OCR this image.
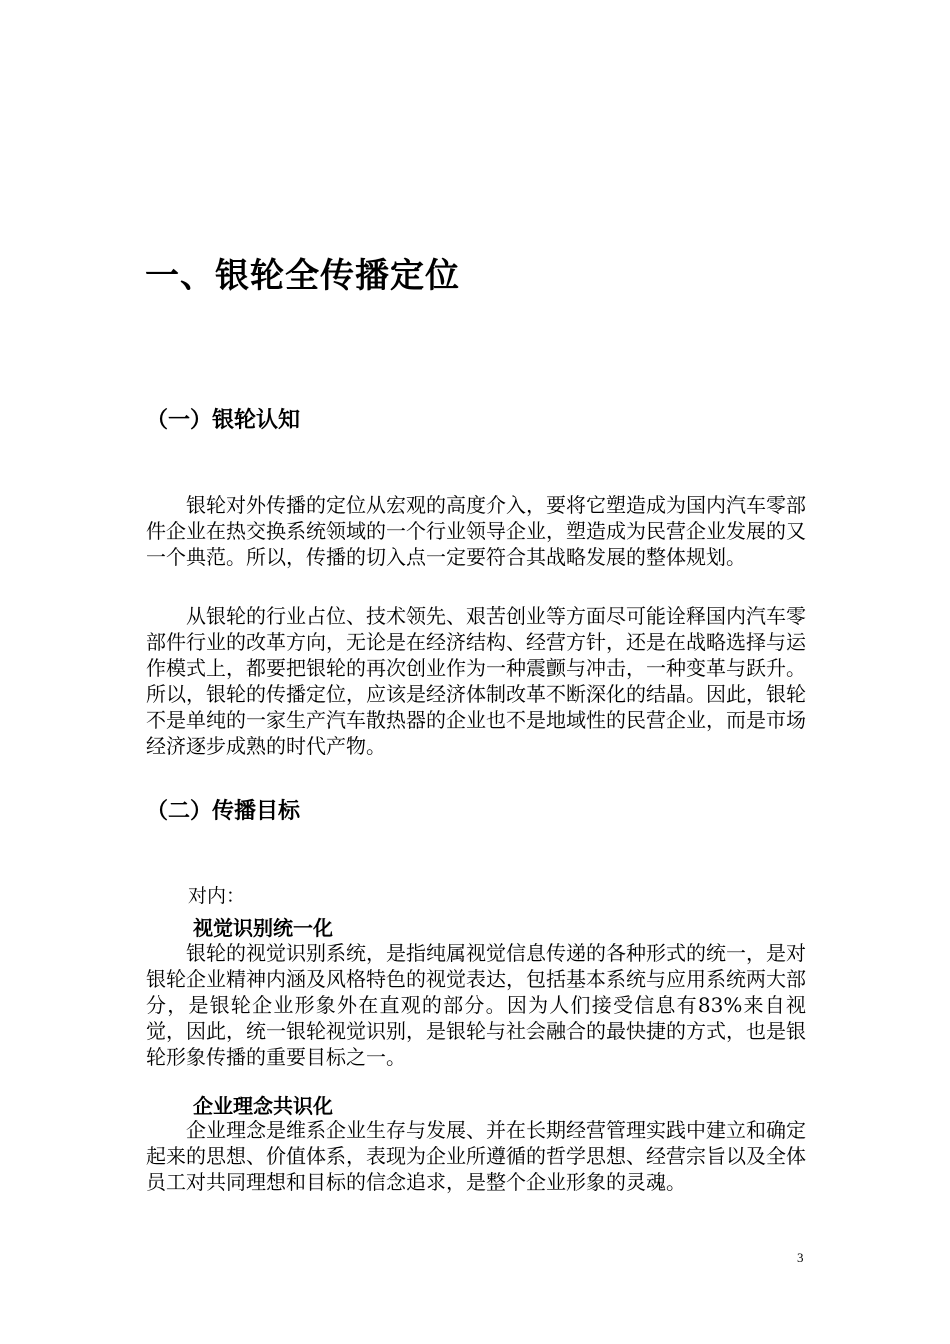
一、银轮全传播定位
（一）银轮认知
银轮对外传播的定位从宏观的高度介入，要将它塑造成为国内汽车零部件企业在热交换系统领域的一个行业领导企业，塑造成为民营企业发展的又一个典范。所以，传播的切入点一定要符合其战略发展的整体规划。
从银轮的行业占位、技术领先、艰苦创业等方面尽可能诠释国内汽车零部件行业的改革方向，无论是在经济结构、经营方针，还是在战略选择与运作模式上，都要把银轮的再次创业作为一种震颤与冲击，一种变革与跃升。所以，银轮的传播定位，应该是经济体制改革不断深化的结晶。因此，银轮不是单纯的一家生产汽车散热器的企业也不是地域性的民营企业，而是市场经济逐步成熟的时代产物。
（二）传播目标
对内：
视觉识别统一化
银轮的视觉识别系统，是指纯属视觉信息传递的各种形式的统一，是对银轮企业精神内涵及风格特色的视觉表达，包括基本系统与应用系统两大部分，是银轮企业形象外在直观的部分。因为人们接受信息有83%来自视觉，因此，统一银轮视觉识别，是银轮与社会融合的最快捷的方式，也是银轮形象传播的重要目标之一。
企业理念共识化
企业理念是维系企业生存与发展、并在长期经营管理实践中建立和确定起来的思想、价值体系，表现为企业所遵循的哲学思想、经营宗旨以及全体员工对共同理想和目标的信念追求，是整个企业形象的灵魂。
3
